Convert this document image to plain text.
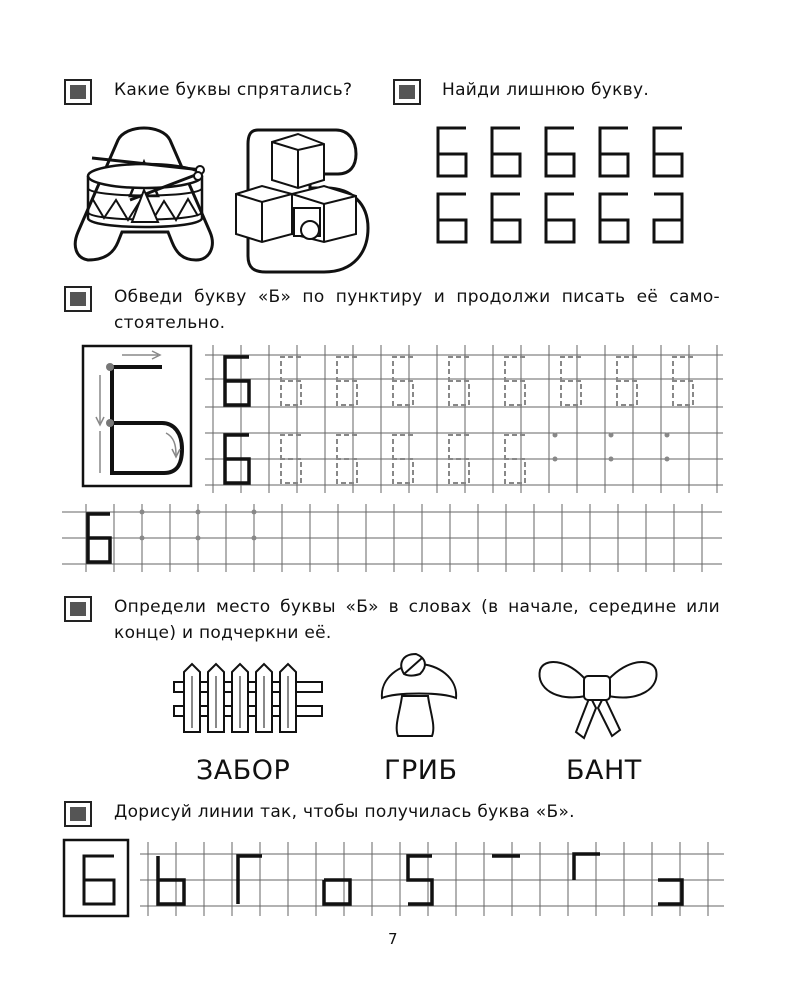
Какие буквы спрятались?	Найди лишнюю букву.
Обведи букву «Б» по пунктиру и продолжи писать её само-
стоятельно.
Определи место буквы «Б» в словах (в начале, середине или
конце) и подчеркни её.
ЗАБОР	ГРИБ	БАНТ
Дорисуй линии так, чтобы получилась буква «Б».
7
